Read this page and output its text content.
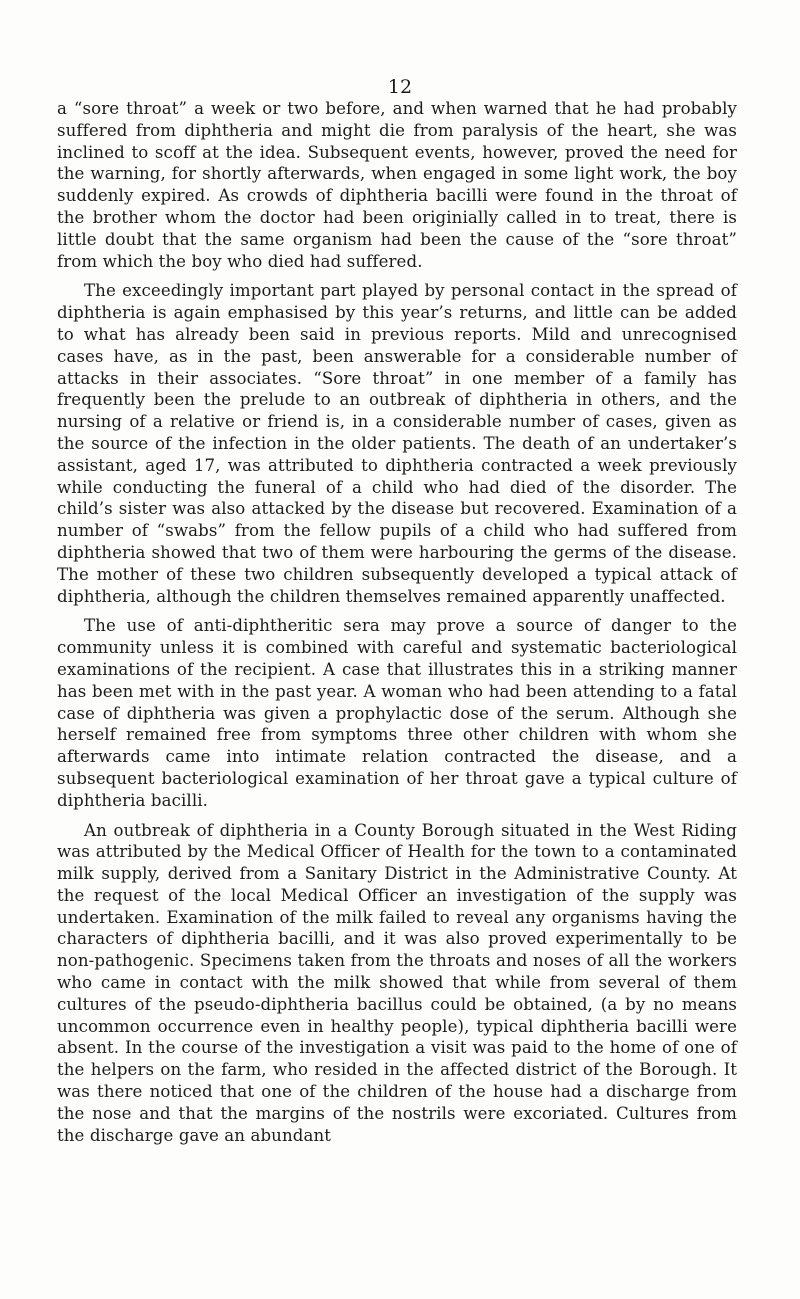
12

a “sore throat” a week or two before, and when warned that he had probably suffered from diphtheria and might die from paralysis of the heart, she was inclined to scoff at the idea. Subsequent events, however, proved the need for the warning, for shortly afterwards, when engaged in some light work, the boy suddenly expired. As crowds of diphtheria bacilli were found in the throat of the brother whom the doctor had been originially called in to treat, there is little doubt that the same organism had been the cause of the “sore throat” from which the boy who died had suffered.

The exceedingly important part played by personal contact in the spread of diphtheria is again emphasised by this year’s returns, and little can be added to what has already been said in previous reports. Mild and unrecognised cases have, as in the past, been answerable for a considerable number of attacks in their associates. “Sore throat” in one member of a family has frequently been the prelude to an outbreak of diphtheria in others, and the nursing of a relative or friend is, in a considerable number of cases, given as the source of the infection in the older patients. The death of an undertaker’s assistant, aged 17, was attributed to diphtheria contracted a week previously while conducting the funeral of a child who had died of the disorder. The child’s sister was also attacked by the disease but recovered. Examination of a number of “swabs” from the fellow pupils of a child who had suffered from diphtheria showed that two of them were harbouring the germs of the disease. The mother of these two children subsequently developed a typical attack of diphtheria, although the children themselves remained apparently unaffected.

The use of anti-diphtheritic sera may prove a source of danger to the community unless it is combined with careful and systematic bacteriological examinations of the recipient. A case that illustrates this in a striking manner has been met with in the past year. A woman who had been attending to a fatal case of diphtheria was given a prophylactic dose of the serum. Although she herself remained free from symptoms three other children with whom she afterwards came into intimate relation contracted the disease, and a subsequent bacteriological examination of her throat gave a typical culture of diphtheria bacilli.

An outbreak of diphtheria in a County Borough situated in the West Riding was attributed by the Medical Officer of Health for the town to a contaminated milk supply, derived from a Sanitary District in the Administrative County. At the request of the local Medical Officer an investigation of the supply was undertaken. Examination of the milk failed to reveal any organisms having the characters of diphtheria bacilli, and it was also proved experimentally to be non-pathogenic. Specimens taken from the throats and noses of all the workers who came in contact with the milk showed that while from several of them cultures of the pseudo-diphtheria bacillus could be obtained, (a by no means uncommon occurrence even in healthy people), typical diphtheria bacilli were absent. In the course of the investigation a visit was paid to the home of one of the helpers on the farm, who resided in the affected district of the Borough. It was there noticed that one of the children of the house had a discharge from the nose and that the margins of the nostrils were excoriated. Cultures from the discharge gave an abundant
